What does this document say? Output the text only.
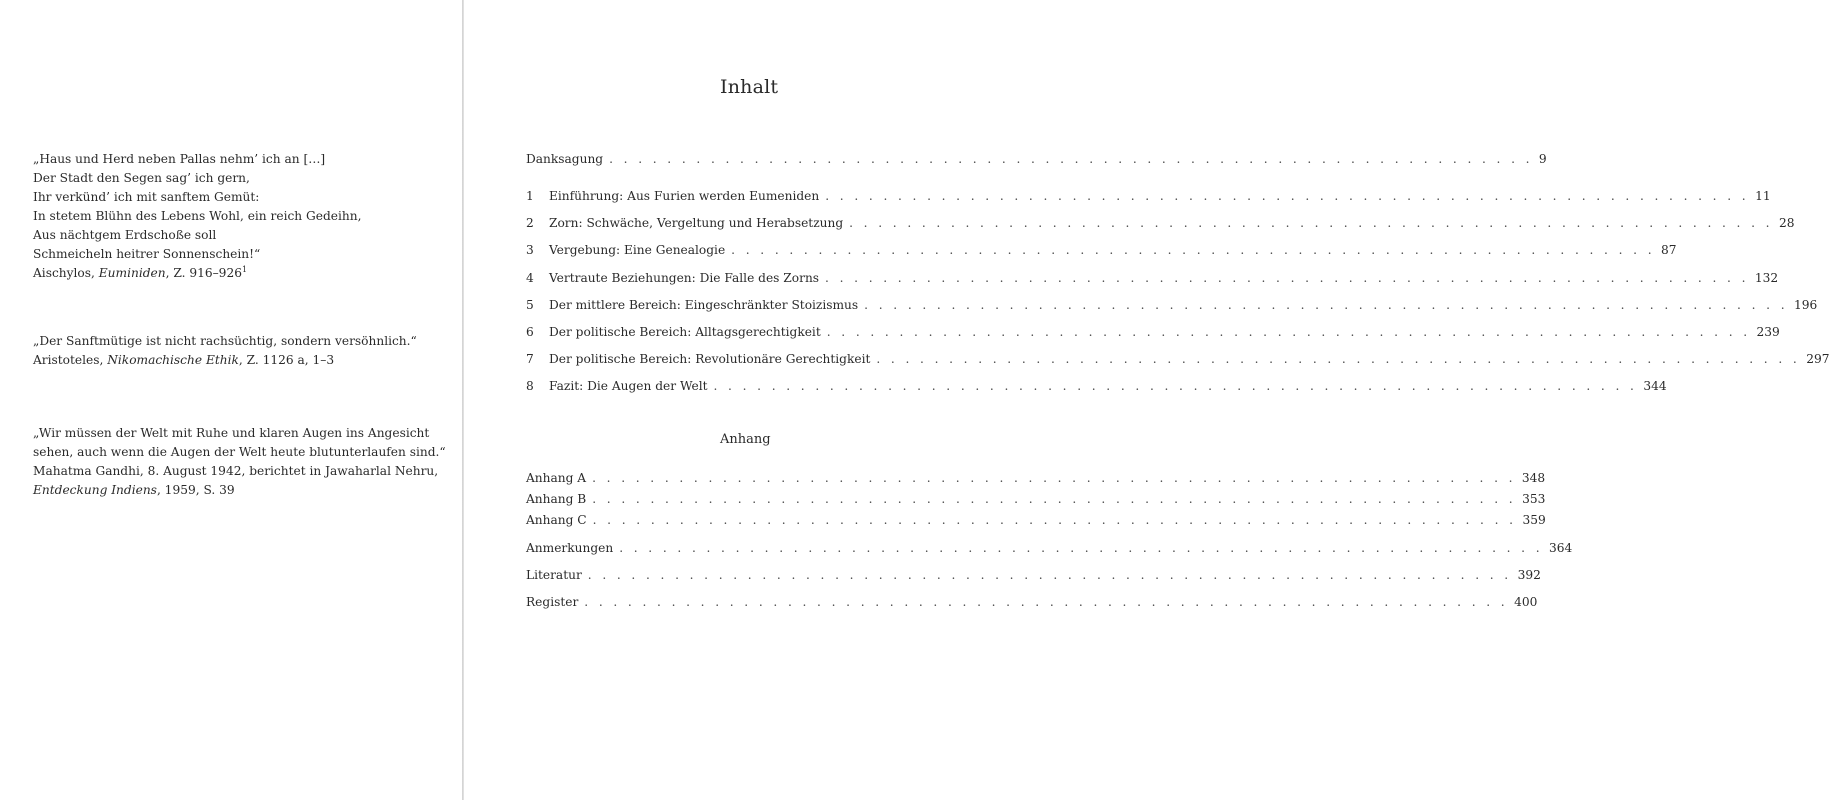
„Haus und Herd neben Pallas nehm’ ich an […]
Der Stadt den Segen sag’ ich gern,
Ihr verkünd’ ich mit sanftem Gemüt:
In stetem Blühn des Lebens Wohl, ein reich Gedeihn,
Aus nächtgem Erdschoße soll
Schmeicheln heitrer Sonnenschein!“
Aischylos, Euminiden, Z. $916-926^1$
„Der Sanftmütige ist nicht rachsüchtig, sondern versöhnlich.“
Aristoteles, Nikomachische Ethik, Z. 1126 a, 1–3
„Wir müssen der Welt mit Ruhe und klaren Augen ins Angesicht
sehen, auch wenn die Augen der Welt heute blutunterlaufen sind.“
Mahatma Gandhi, 8. August 1942, berichtet in Jawaharlal Nehru,
Entdeckung Indiens, 1959, S. 39
Inhalt
Danksagung . . . . . . . . . . . . . . . . . . . . . . . . . . . . . . . . . . . . . . . . . . . . . . . . . . . . . . . . . . . . . . . . 9
1	Einführung: Aus Furien werden Eumeniden . . . . . . . . . . . . . . . . . . . . . . . . . . . . . . . . . . . . . . . . . . . . . . . . . . . . . . . . . . . . . . . . 11
2	Zorn: Schwäche, Vergeltung und Herabsetzung . . . . . . . . . . . . . . . . . . . . . . . . . . . . . . . . . . . . . . . . . . . . . . . . . . . . . . . . . . . . . . . . 28
3	Vergebung: Eine Genealogie . . . . . . . . . . . . . . . . . . . . . . . . . . . . . . . . . . . . . . . . . . . . . . . . . . . . . . . . . . . . . . . . 87
4	Vertraute Beziehungen: Die Falle des Zorns . . . . . . . . . . . . . . . . . . . . . . . . . . . . . . . . . . . . . . . . . . . . . . . . . . . . . . . . . . . . . . . . 132
5	Der mittlere Bereich: Eingeschränkter Stoizismus . . . . . . . . . . . . . . . . . . . . . . . . . . . . . . . . . . . . . . . . . . . . . . . . . . . . . . . . . . . . . . . . 196
6	Der politische Bereich: Alltagsgerechtigkeit . . . . . . . . . . . . . . . . . . . . . . . . . . . . . . . . . . . . . . . . . . . . . . . . . . . . . . . . . . . . . . . . 239
7	Der politische Bereich: Revolutionäre Gerechtigkeit . . . . . . . . . . . . . . . . . . . . . . . . . . . . . . . . . . . . . . . . . . . . . . . . . . . . . . . . . . . . . . . . 297
8	Fazit: Die Augen der Welt . . . . . . . . . . . . . . . . . . . . . . . . . . . . . . . . . . . . . . . . . . . . . . . . . . . . . . . . . . . . . . . . 344
Anhang
Anhang A . . . . . . . . . . . . . . . . . . . . . . . . . . . . . . . . . . . . . . . . . . . . . . . . . . . . . . . . . . . . . . . . 348
Anhang B . . . . . . . . . . . . . . . . . . . . . . . . . . . . . . . . . . . . . . . . . . . . . . . . . . . . . . . . . . . . . . . . 353
Anhang C . . . . . . . . . . . . . . . . . . . . . . . . . . . . . . . . . . . . . . . . . . . . . . . . . . . . . . . . . . . . . . . . 359
Anmerkungen . . . . . . . . . . . . . . . . . . . . . . . . . . . . . . . . . . . . . . . . . . . . . . . . . . . . . . . . . . . . . . . . 364
Literatur . . . . . . . . . . . . . . . . . . . . . . . . . . . . . . . . . . . . . . . . . . . . . . . . . . . . . . . . . . . . . . . . 392
Register . . . . . . . . . . . . . . . . . . . . . . . . . . . . . . . . . . . . . . . . . . . . . . . . . . . . . . . . . . . . . . . . 400
